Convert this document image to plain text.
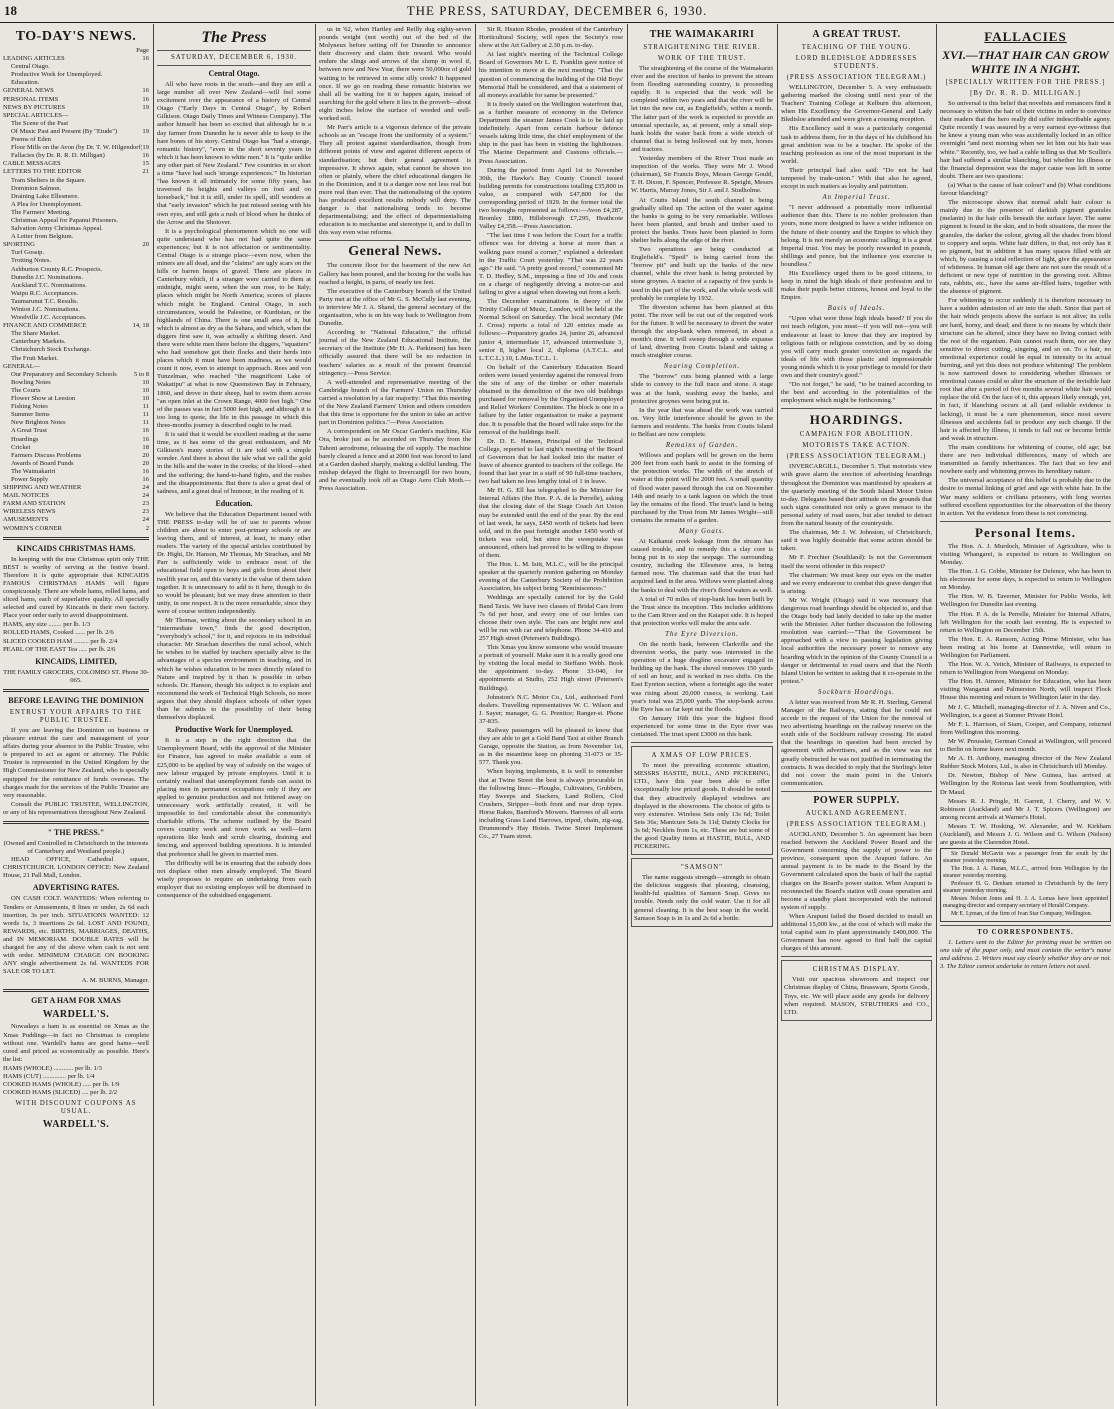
18	THE PRESS, SATURDAY, DECEMBER 6, 1930.
TO-DAY'S NEWS.
Page
LEADING ARTICLES	16
Central Otago.
Productive Work for Unemployed.
Education.
GENERAL NEWS	16
PERSONAL ITEMS	16
NEWS BY PICTURES	19
SPECIAL ARTICLES—
The Scene of the Past
Of Music Past and Present (By "Etude")	19
Poems of Eden
Floor Mills on the Avon (by Dr. T. W. Hilgendorf) 19
Fallacies (by Dr. R. R. D. Milligan)	16
CABLE MESSAGES	15
LETTERS TO THE EDITOR	21
Tram Shelters in the Square.
Dominion Salmon.
Draining Lake Ellesmere.
A Plea for Unemployment.
The Farmers' Meeting.
Christmas Appeal for Papanui Prisoners.
Salvation Army Christmas Appeal.
A Letter from Belgium.
SPORTING	20
Turf Gossip.
Trotting Notes.
Ashburton County R.C. Prospects.
Dunedin J.C. Nominations.
Auckland T.C. Nominations.
Waipu R.C. Acceptances.
Taumarunui T.C. Results.
Winton J.C. Nominations.
Woodville J.C. Acceptances.
FINANCE AND COMMERCE	14, 18
The Share Market.
Canterbury Markets.
Christchurch Stock Exchange.
The Fruit Market.
GENERAL—
Our Preparatory and Secondary Schools	5 to 8
Bowling Notes	10
The Courts	10
Flower Show at Leeston	10
Fishing Notes	11
Summer Items	11
New Brighton Notes	11
A Great Trust	16
Hoardings	16
Cricket	18
Farmers Discuss Problems	20
Awards of Board Funds	20
The Waimakariri	16
Power Supply	16
SHIPPING AND WEATHER	24
MAIL NOTICES	24
FARM AND STATION	23
WIRELESS NEWS	23
AMUSEMENTS	24
WOMEN'S CORNER	2
KINCAIDS CHRISTMAS HAMS.

In keeping with the true Christmas spirit only THE BEST is worthy of serving at the festive board. Therefore it is quite appropriate that KINCAIDS FAMOUS CHRISTMAS HAMS will figure conspicuously. There are whole hams, rolled hams, and sliced hams, each of superlative quality. All specially selected and cured by Kincaids in their own factory. Place your order early to avoid disappointment.

HAMS, any size ........ per lb. 1/3
ROLLED HAMS, Cooked ...... per lb. 2/6
SLICED COOKED HAM ......... per lb. 2/4
PEARL OF THE EAST Tea ..... per lb. 2/6
KINCAIDS, LIMITED,
THE FAMILY GROCERS, COLOMBO ST. Phone 30-065.
BEFORE LEAVING THE DOMINION
ENTRUST YOUR AFFAIRS TO THE PUBLIC TRUSTEE.

If you are leaving the Dominion on business or pleasure entrust the care and management of your affairs during your absence to the Public Trustee, who is prepared to act as agent or attorney. The Public Trustee is represented in the United Kingdom by the High Commissioner for New Zealand, who is specially equipped for the remittance of funds overseas. The charges made for the services of the Public Trustee are very reasonable.

Consult the PUBLIC TRUSTEE, WELLINGTON, or any of his representatives throughout New Zealand.

" THE PRESS."
(Owned and Controlled in Christchurch in the interests of Canterbury and Westland people.)

HEAD OFFICE, Cathedral square, CHRISTCHURCH. LONDON OFFICE: New Zealand House, 21 Pall Mall, London.

ADVERTISING RATES.

ON CASH COLT. WANTEDS: When referring to Tenders or Amusements, 8 lines or under, 2s 6d each insertion, 3s per inch. SITUATIONS WANTED: 12 words 1s, 3 insertions 2s 6d. LOST AND FOUND, REWARDS, etc. BIRTHS, MARRIAGES, DEATHS, and IN MEMORIAM. DOUBLE RATES will be charged for any of the above when cash is not sent with order. MINIMUM CHARGE ON BOOKING ANY single advertisement 2s 6d. WANTEDS FOR SALE OR TO LET.

A. M. BURNS, Manager.
GET A HAM FOR XMAS
WARDELL'S.

Nowadays a ham is as essential on Xmas as the Xmas Puddings—in fact no Christmas is complete without one. Wardell's hams are good hams—well cured and priced as economically as possible. Here's the list:

HAMS (WHOLE) ............ per lb. 1/3
HAMS (CUT) .............. per lb. 1/4
COOKED HAMS (WHOLE) ..... per lb. 1/9
COOKED HAMS (SLICED) .... per lb. 2/2
WITH DISCOUNT COUPONS AS USUAL.
WARDELL'S.
The Press
SATURDAY, DECEMBER 6, 1930.
Central Otago.

All who have roots in the south—and they are still a large number all over New Zealand—will feel some excitement over the appearance of a history of Central Otago ("Early Days in Central Otago", by Robert Gilkison. Otago Daily Times and Witness Company). The author himself has been so excited that although he is a day farmer from Dunedin he is never able to keep to the bare bones of his story. Central Otago has "had a strange, romantic history", "even in the short seventy years in which it has been known to white men." It is "quite unlike any other part of New Zealand." Few countries in so short a time "have had such 'strange experiences.'" Its historian "has known it all intimately for some fifty years, has traversed its heights and valleys on foot and on horseback," but it is still, under its spell, still wonders at that "early invasion" which he just missed seeing with his own eyes, and still gets a rush of blood when he thinks of the Arrow and the Shotover.

It is a psychological phenomenon which no one will quite understand who has not had quite the same experiences; but it is not affectation or sentimentality. Central Otago is a strange place—even now, when the miners are all dead, and the "claims" are ugly scars on the hills or barren heaps of gravel. There are places in Canterbury which, if a stranger were carried to them at midnight, might seem, when the sun rose, to be Italy; places which might be North America; scores of places which might be England. Central Otago, in such circumstances, would be Palestine, or Kurdistan, or the highlands of China. There is one small area of it, but which is almost as dry as the Sahara, and which, when the diggers first saw it, was actually a shifting desert. And there were white men there before the diggers, "squatters" who had somehow got their flocks and their herds into places which it must have been madness, as we would count it now, even to attempt to approach. Rees and von Tunzelman, who reached "the magnificent Lake of Wakatipu" at what is now Queenstown Bay in February, 1860, and drove in their sheep, had to swim them across "an open inlet at the Crown Range, 4000 feet high." One of the passes was in fact 5000 feet high, and although it is too long to quote, the life in this passage in which this three-months journey is described ought to be read.

It is said that it would be excellent reading at the same time, as it has some of the great enthusiasm, and Mr Gilkison's many stories of it are told with a simple wonder. And there is about the tale what we call the gold in the hills and the water in the creeks; of the blood—shed and the suffering; the hand-to-hand fights, and the rushes and the disappointments. But there is also a great deal of sadness, and a great deal of humour, in the reading of it.

Education.

We believe that the Education Department issued with THE PRESS to-day will be of use to parents whose children are about to enter post-primary schools or are leaving them, and of interest, at least, to many other readers. The variety of the special articles contributed by Dr. Hight, Dr. Hanson, Mr Thomas, Mr Strachan, and Mr Parr is sufficiently wide to embrace most of the educational field open to boys and girls from about their twelfth year on, and this variety is the value of them taken together. It is unnecessary to add to it here, though to do so would be pleasant; but we may draw attention to their unity, in one respect. It is the more remarkable, since they were of course written independently.

Mr Thomas, writing about the secondary school in an "intermediate town," finds the good description, "everybody's school," for it, and rejoices in its individual character. Mr Strachan describes the rural school, which he wishes to be staffed by teachers specially alive to the advantages of a species environment in teaching, and in which he wishes education to be more directly related to Nature and inspired by it than is possible in urban schools. Dr. Hanson, though his subject is to explain and recommend the work of Technical High Schools, no more argues that they should displace schools of other types than he submits to the possibility of their being themselves displaced.

Productive Work for Unemployed.

It is a step in the right direction that the Unemployment Board, with the approval of the Minister for Finance, has agreed to make available a sum of £25,000 to be applied by way of subsidy on the wages of new labour engaged by private employers. Until it is certainly realised that unemployment funds can assist in placing men in permanent occupations only if they are applied to genuine production and not frittered away on unnecessary work artificially created, it will be impossible to feel comfortable about the community's charitable efforts. The scheme outlined by the Board covers country work and town work as well—farm operations like bush and scrub clearing, draining and fencing, and approved building operations. It is intended that preference shall be given to married men.

The difficulty will be in ensuring that the subsidy does not displace other men already employed. The Board wisely proposes to require an undertaking from each employer that no existing employee will be dismissed in consequence of the subsidised engagement.

us in '62, when Hartley and Reilly dug eighty-seven pounds weight (not worth) out of the bed of the Molyneux before setting off for Dunedin to announce their discovery and claim their reward. Who would endure the slings and arrows of the slump in wool if, between now and New Year, there were 50,000oz of gold waiting to be retrieved in some silly creek? It happened once. If we go on reading these romantic histories we shall all be waiting for it to happen again, instead of searching for the gold where it lies in the proverb—about eight inches below the surface of weeded and well-worked soil.

Mr Parr's article is a vigorous defence of the private schools as an "escape from the uniformity of a system." They all protest against standardisation, though from different points of view and against different aspects of standardisation; but their general agreement is impressive. It shows again, what cannot be shown too often or plainly, where the chief educational dangers lie in the Dominion, and it is a danger now not less real but more real than ever. That the nationalising of the system has produced excellent results nobody will deny. The danger is that nationalising tends to become departmentalising; and the effect of departmentalising education is to mechanise and stereotype it, and to dull in this way even wise reforms.

General News.

The concrete floor for the basement of the new Art Gallery has been poured, and the boxing for the walls has reached a height, in parts, of nearly ten feet.

The executive of the Canterbury branch of the United Party met at the office of Mr G. S. McCully last evening, to interview Mr J. A. Shand, the general secretary of the organisation, who is on his way back to Wellington from Dunedin.

According to "National Education," the official journal of the New Zealand Educational Institute, the secretary of the Institute (Mr H. A. Parkinson) has been officially assured that there will be no reduction in teachers' salaries as a result of the present financial stringency.—Press Service.

A well-attended and representative meeting of the Cambridge branch of the Farmers' Union on Thursday carried a resolution by a fair majority: "That this meeting of the New Zealand Farmers' Union and others considers that this time is opportune for the union to take an active part in Dominion politics."—Press Association.

A correspondent on Mr Oscar Garden's machine, Kia Ora, broke just as he ascended on Thursday from the Tahoni aerodrome, releasing the oil supply. The machine barely cleared a fence and at 2000 feet was forced to land at a Garden dashed sharply, making a skilful landing. The mishap delayed the flight to Invercargill for two hours, and he eventually took off as Otago Aero Club Moth.—Press Association.

Sir R. Heaton Rhodes, president of the Canterbury Horticultural Society, will open the Society's rose show at the Art Gallery at 2.30 p.m. to-day.

At last night's meeting of the Technical College Board of Governors Mr L. E. Franklin gave notice of his intention to move at the next meeting: "That the question of commencing the building of the Old Boys' Memorial Hall be considered, and that a statement of all moneys available for same be presented."

It is freely stated on the Wellington waterfront that, as a further measure of economy in the Defence Department the steamer James Cook is to be laid up indefinitely. Apart from certain harbour defence vessels taking little time, the chief employment of the ship in the past has been in visiting the lighthouses. The Marine Department and Customs officials.—Press Association.

During the period from April 1st to November 30th, the Hawke's Bay County Council issued building permits for constructions totalling £35,800 in value, as compared with £47,800 for the corresponding period of 1929. In the former total the two boroughs represented as follows:—Avon £4,287, Bromley £880, Hillsborough £7,295, Heathcote Valley £4,358.—Press Association.

"The last time I was before the Court for a traffic offence was for driving a horse at more than a walking pace round a corner," explained a defendant in the Traffic Court yesterday. "That was 22 years ago." He said. "A pretty good record," commented Mr T. D. Hedley, S.M., imposing a fine of 10s and costs on a charge of negligently driving a motor-car and failing to give a signal when drawing out from a kerb.

The December examinations in theory of the Trinity College of Music, London, will be held at the Normal School on Saturday. The local secretary (Mr J. Cross) reports a total of 120 entries made as follows:—Preparatory grades 24, junior 26, advanced junior 4, intermediate 17, advanced intermediate 3, senior 8, higher local 2, diploma (A.T.C.L. and L.T.C.L.) 10, L.Mus.T.C.L. 1.

On behalf of the Canterbury Education Board orders were issued yesterday against the removal from the site of any of the timber or other materials obtained in the demolition of the two old buildings purchased for removal by the Organised Unemployed and Relief Workers' Committee. The block is one in a failure by the latter organisation to make a payment due. It is possible that the Board will take steps for the removal of the buildings itself.

Dr. D. E. Hansen, Principal of the Technical College, reported to last night's meeting of the Board of Governors that he had looked into the matter of leave of absence granted to teachers of the college. He found that last year in a staff of 90 full-time teachers, two had taken no less lengthy total of 1 in leave.

Mr H. G. Ell has telegraphed to the Minister for Internal Affairs (the Hon. P. A. de la Perrelle), asking that the closing date of the Stage Coach Art Union may be extended until the end of the year. By the end of last week, he says, £450 worth of tickets had been sold, and in the past fortnight another £450 worth of tickets was sold, but since the sweepstake was announced, others had proved to be willing to dispose of them.

The Hon. L. M. Isitt, M.L.C., will be the principal speaker at the quarterly reunion gathering on Monday evening of the Canterbury Society of the Prohibition Association, his subject being "Reminiscences."

Weddings are specially catered for by the Gold Band Taxis. We have two classes of Bridal Cars from 7s 6d per hour, and every one of our brides can choose their own style. The cars are bright new and will be run with car and telephone. Phone 34-410 and 257 High street (Petersen's Buildings).

This Xmas you know someone who would treasure a portrait of yourself. Make sure it is a really good one by visiting the local medal to Steffano Webb. Book the appointment to-day. Phone 33-040, for appointments at Studio, 252 High street (Petersen's Buildings).

Johnston's N.C. Motor Co., Ltd., authorised Ford dealers. Travelling representatives W. C. Wilson and J. Sayer; manager, G. G. Prentice; Ranger-st. Phone 37-835.

Railway passengers will be pleased to know that they are able to get a Gold Band Taxi at either Branch Garage, opposite the Station, as from November 1st, as in the meantime keep on phoning 31-073 or 35-577. Thank you.

When buying implements, it is well to remember that at Twine Street the best is always procurable in the following lines:—Ploughs, Cultivators, Grubbers, Hay Sweeps and Stackers, Land Rollers, Clod Crushers, Stripper—both front and rear drop types. Horse Rakes, Bamford's Mowers. Harrows of all sorts including Grass Land Harrows, tripod, chain, zig-zag, Drummond's Hay Hoists. Twine Street Implement Co., 27 Tuam street.

THE WAIMAKARIRI
STRAIGHTENING THE RIVER.
WORK OF THE TRUST.

The straightening of the course of the Waimakariri river and the erection of banks to prevent the stream from flooding surrounding country, is proceeding rapidly. It is expected that the work will be completed within two years and that the river will be let into the new cut, as Englefield's, within a month. The latter part of the work is expected to provide an unusual spectacle, as, at present, only a small stop-bank holds the water back from a wide stretch of channel that is being hollowed out by men, horses and tractors.

Yesterday members of the River Trust made an inspection of the works. They were Mr J. Wood (chairman), Sir Francis Boys, Messrs George Gould, T. H. Dixon, F. Spencer, Professor R. Speight, Messrs W. Harris, Murray Jones, Sir J. and J. Studholme.

At Coutts Island the south channel is being gradually silted up. The action of the water against the banks is going to be very remarkable. Willows have been planted, and brush and timber used to protect the banks. Trees have been planted to form shelter belts along the edge of the river.

Two operations are being conducted at Englefield's. "Spoil" is being carried from the "borrow pit" and built up the banks of the new channel, while the river bank is being protected by stone groynes. A tractor of a capacity of five yards is used in this part of the work, and the whole work will probably be complete by 1932.

The diversion scheme has been planned at this point. The river will be cut out of the required work for the future. It will be necessary to divert the water through the stop-bank when removed, in about a month's time. It will sweep through a wide expanse of land, diverting from Coutts Island and taking a much straighter course.

Nearing Completion.

The "borrow" cuts being planned with a large slide to convey to the full trace and stone. A stage was at the bank, washing away the banks, and protective groynes were being put in.

In the year that was ahead the work was carried on. Very little interference should be given to the farmers and residents. The banks from Coutts Island to Belfast are now complete.

Remains of Garden.

Willows and poplars will be grown on the berm 200 feet from each bank to assist in the forming of the protection works. The width of the stretch of water at this point will be 2000 feet. A small quantity of flood water passed through the cut on November 14th and nearly to a tank lagoon on which the trust lay the remains of the flood. The trust's land is being purchased by the Trust from Mr James Wright—still contains the remains of a garden.

Many Goats.

At Kaikanui creek leakage from the stream has caused trouble, and to remedy this a clay core is being put in to stop the seepage. The surrounding country, including the Ellesmere area, is being farmed now. The chairman said that the trust had acquired land in the area. Willows were planted along the banks to deal with the river's flood waters as well.

A total of 70 miles of stop-bank has been built by the Trust since its inception. This includes additions to the Cam River and on the Kaiapoi side. It is hoped that protection works will make the area safe.

The Eyre Diversion.

On the north bank, between Clarkville and the diversion works, the party was interested in the operation of a huge dragline excavator engaged in building up the bank. The shovel removes 150 yards of soil an hour, and is worked in two shifts. On the East Eyreton section, where a fortnight ago the water was rising about 20,000 cusecs, is working. Last year's total was 25,000 yards. The stop-bank across the Eyre has so far kept out the floods.

On January 16th this year the highest flood experienced for some time in the Eyre river was contained. The trust spent £3000 on this bank.

A XMAS OF LOW PRICES.

To meet the prevailing economic situation, MESSRS HASTIE, BULL, AND PICKERING, LTD., have this year been able to offer exceptionally low priced goods. It should be noted that they attractively displayed windows are displayed in the showrooms. The choice of gifts is very extensive. Wireless Sets only 13s 6d; Toilet Sets 36s; Manicure Sets 3s 11d; Dainty Clocks for 3s 6d; Necklets from 1s, etc. These are but some of the good Quality items at HASTIE, BULL, AND PICKERING.

"SAMSON"

The name suggests strength—strength to obtain the delicious suggests that pleasing, cleansing, health-ful qualities of Samson Soap. Gives no trouble. Needs only the cold water. Use it for all general cleaning. It is the best soap in the world. Samson Soap is in 1s and 2s 6d a bottle.

A GREAT TRUST.
TEACHING OF THE YOUNG.
LORD BLEDISLOE ADDRESSES STUDENTS.
(PRESS ASSOCIATION TELEGRAM.)

WELLINGTON, December 5. A very enthusiastic gathering marked the closing until next year of the Teachers' Training College at Kelburn this afternoon, when His Excellency the Governor-General and Lady Bledisloe attended and were given a rousing reception.

His Excellency said it was a particularly congenial task to address them, for in the days of his childhood his great ambition was to be a teacher. He spoke of the teaching profession as one of the most important in the world.

Their principal had also said: "Do not be bad tempered by trade-union." With that also he agreed, except in such matters as loyalty and patriotism.

An Imperial Trust.

"I never addressed a potentially more influential audience than this. There is no nobler profession than yours, none more designed to have a wider influence on the future of their country and the Empire to which they belong. It is not merely an economic calling; it is a great Imperial trust. You may be poorly rewarded in pounds, shillings and pence, but the influence you exercise is boundless."

His Excellency urged them to be good citizens, to keep in mind the high ideals of their profession and to make their pupils better citizens, honest and loyal to the Empire.

Basis of Ideals.

"Upon what were those high ideals based? If you do not teach religion, you must—if you will not—you will endeavour at least to know that they are inspired by religious faith or religious conviction, and by so doing you will carry much greater conviction as regards the ideals of life with those plastic and impressionable young minds which it is your privilege to mould for their own and their country's good."

"Do not forget," he said, "to be trained according to the best and according to the potentialities of the employment which might be forthcoming."

HOARDINGS.
CAMPAIGN FOR ABOLITION.
MOTORISTS TAKE ACTION.
(PRESS ASSOCIATION TELEGRAM.)

INVERCARGILL, December 5. That motorists view with grave alarm the erection of advertising hoardings throughout the Dominion was manifested by speakers at the quarterly meeting of the South Island Motor Union to-day. Delegates based their attitude on the grounds that such signs constituted not only a grave menace to the personal safety of road users, but also tended to detract from the natural beauty of the countryside.

The chairman, Mr J. W. Johnston, of Christchurch, said it was highly desirable that some action should be taken.

Mr F. Frechter (Southland): Is not the Government itself the worst offender in this respect?

The chairman: We must keep our eyes on the matter and we every endeavour to combat this grave danger that is arising.

Mr W. Wright (Otago) said it was necessary that dangerous road hoardings should be objected to, and that the Otago body had lately decided to take up the matter with the Minister. After further discussion the following resolution was carried:—"That the Government be approached with a view to passing legislation giving local authorities the necessary power to remove any hoarding which in the opinion of the County Council is a danger or detrimental to road users and that the North Island Union be written to asking that it co-operate in the protest."

Sockburn Hoardings.

A letter was received from Mr R. H. Sterling, General Manager of the Railways, stating that he could not accede to the request of the Union for the removal of two advertising hoardings on the railway reserve on the south side of the Sockburn railway crossing. He stated that the hoardings in question had been erected by agreement with advertisers, and as the view was not greatly obstructed he was not justified in terminating the contracts. It was decided to reply that the Sterling's letter did not cover the main point in the Union's communication.

POWER SUPPLY.
AUCKLAND AGREEMENT.
(PRESS ASSOCIATION TELEGRAM.)

AUCKLAND, December 5. An agreement has been reached between the Auckland Power Board and the Government concerning the supply of power to the province, consequent upon the Arapuni failure. An annual payment is to be made to the Board by the Government calculated upon the basis of half the capital charges on the Board's power station. When Arapuni is reconnected the Board's station will cease operation and become a standby plant incorporated with the national system of supply.

When Arapuni failed the Board decided to install an additional 15,000 kw., at the cost of which will make the total capital sum in plant approximately £400,000. The Government has now agreed to find half the capital charges of this amount.

CHRISTMAS DISPLAY.

Visit our spacious showroom and inspect our Christmas display of China, Brassware, Sports Goods, Toys, etc. We will place aside any goods for delivery when required. MASON, STRUTHERS and CO., LTD.

FALLACIES
XVI.—THAT HAIR CAN GROW WHITE IN A NIGHT.
[SPECIALLY WRITTEN FOR THE PRESS.]
[By Dr. R. R. D. MILLIGAN.]

So universal is this belief that novelists and romancers find it necessary to whiten the hair of their victims in order to convince their readers that the hero really did suffer indescribable agony. Quite recently I was assured by a very earnest eye-witness that he knew a young man who was accidentally locked in an office overnight "and next morning when we let him out his hair was white." Recently, too, we had a cable telling us that Mr Scullin's hair had suffered a similar blanching, but whether his illness or the financial depression was the major cause was left in some doubt. There are two questions:

(a) What is the cause of hair colour? and (b) What conditions favour blanching?

The microscope shows that normal adult hair colour is mainly due to the presence of darkish pigment granules (melanin) in the hair cells beneath the surface layer. The same pigment is found in the skin, and in both situations, the more the granules, the darker the colour, giving all the shades from blond to coppery and sepia. White hair differs, in that, not only has it no pigment, but in addition it has many spaces filled with air which, by causing a total reflection of light, give the appearance of whiteness. In human old age there are not sure the result of a deficient or new type of nutrition in the growing root. Albino rats, rabbits, etc., have the same air-filled hairs, together with the absence of pigment.

For whitening to occur suddenly it is therefore necessary to have a sudden admission of air into the shaft. Since that part of the hair which projects above the surface is not alive; its cells are hard, horny, and dead; and there is no means by which their structure can be altered, since they have no living contact with the rest of the organism. Pain cannot reach them, nor are they sensitive to direct cutting, singeing, and so on. To a hair, no emotional experience could be equal in intensity to its actual burning, and yet this does not produce whitening! The problem is now narrowed down to considering whether illnesses or emotional causes could so alter the structure of the invisible hair root that after a period of five months several white hair would replace the old. On the face of it, this appears likely enough, yet, in fact, if blanching occurs at all (and reliable evidence is lacking), it must be a rare phenomenon, since most severe illnesses and accidents fail to produce any such change. If the hair is affected by illness, it tends to fall out or become brittle and weak in structure.

The main conditions for whitening of course, old age; but there are two individual differences, many of which are transmitted as family inheritances. The fact that so few and nowhere early and whitening proves its hereditary nature.

The universal acceptance of this belief is probably due to the desire to mental linking of grief and age with white hair. In the War many soldiers or civilians prisoners, with long worries suffered excellent opportunities for the observation of the theory in action. Yet the evidence from these is not convincing.

Personal Items.

The Hon. A. J. Murdoch, Minister of Agriculture, who is visiting Whangarei, is expected to return to Wellington on Monday.

The Hon. J. G. Cobbe, Minister for Defence, who has been in his electorate for some days, is expected to return to Wellington on Monday.

The Hon. W. B. Taverner, Minister for Public Works, left Wellington for Dunedin last evening.

The Hon. P. A. de la Perrelle, Minister for Internal Affairs, left Wellington for the south last evening. He is expected to return to Wellington on December 15th.

The Hon. E. A. Ransom, Acting Prime Minister, who has been resting at his home at Dannevirke, will return to Wellington for Parliament.

The Hon. W. A. Veitch, Minister of Railways, is expected to return to Wellington from Wanganui on Monday.

The Hon. H. Atmore, Minister for Education, who has been visiting Wanganui and Palmerston North, will inspect Flock House this morning and return to Wellington later in the day.

Mr J. C. Mitchell, managing-director of J. A. Niven and Co., Wellington, is a guest at Sumner Private Hotel.

Mr F. L. Harrison, of Siam, Cooper, and Company, returned from Wellington this morning.

Mr W. Preussler, German Consul at Wellington, will proceed to Berlin on home leave next month.

Mr A. H. Anthony, managing director of the New Zealand Rubber Stock Motors, Ltd., is also in Christchurch till Monday.

Dr. Newton, Bishop of New Guinea, has arrived at Wellington by the Rotorua last week from Southampton, with Dr Maud.

Messrs R. J. Pringle, H. Garrett, J. Cherry, and W. V. Robinson (Auckland) and Mr J. T. Spicers (Wellington) are among recent arrivals at Warner's Hotel.

Messrs T. W. Hosking, W. Alexander, and W. Kirkham (Auckland), and Messrs J. G. Wilson and G. Wilson (Nelson) are guests at the Clarendon Hotel.

Sir Donald McGavin was a passenger from the south by the steamer yesterday morning.

The Hon. J. A. Hanan, M.L.C., arrived from Wellington by the steamer yesterday morning.

Professor H. G. Denham returned to Christchurch by the ferry steamer yesterday morning.

Messrs Nelson Jones and H. J. A. Lomas have been appointed managing director and company secretary of Herald Company.

Mr E. Lyman, of the firm of Ivan Star Company, Wellington.

TO CORRESPONDENTS.

1. Letters sent to the Editor for printing must be written on one side of the paper only, and must contain the writer's name and address. 2. Writers must say clearly whether they are or not. 3. The Editor cannot undertake to return letters not used.
